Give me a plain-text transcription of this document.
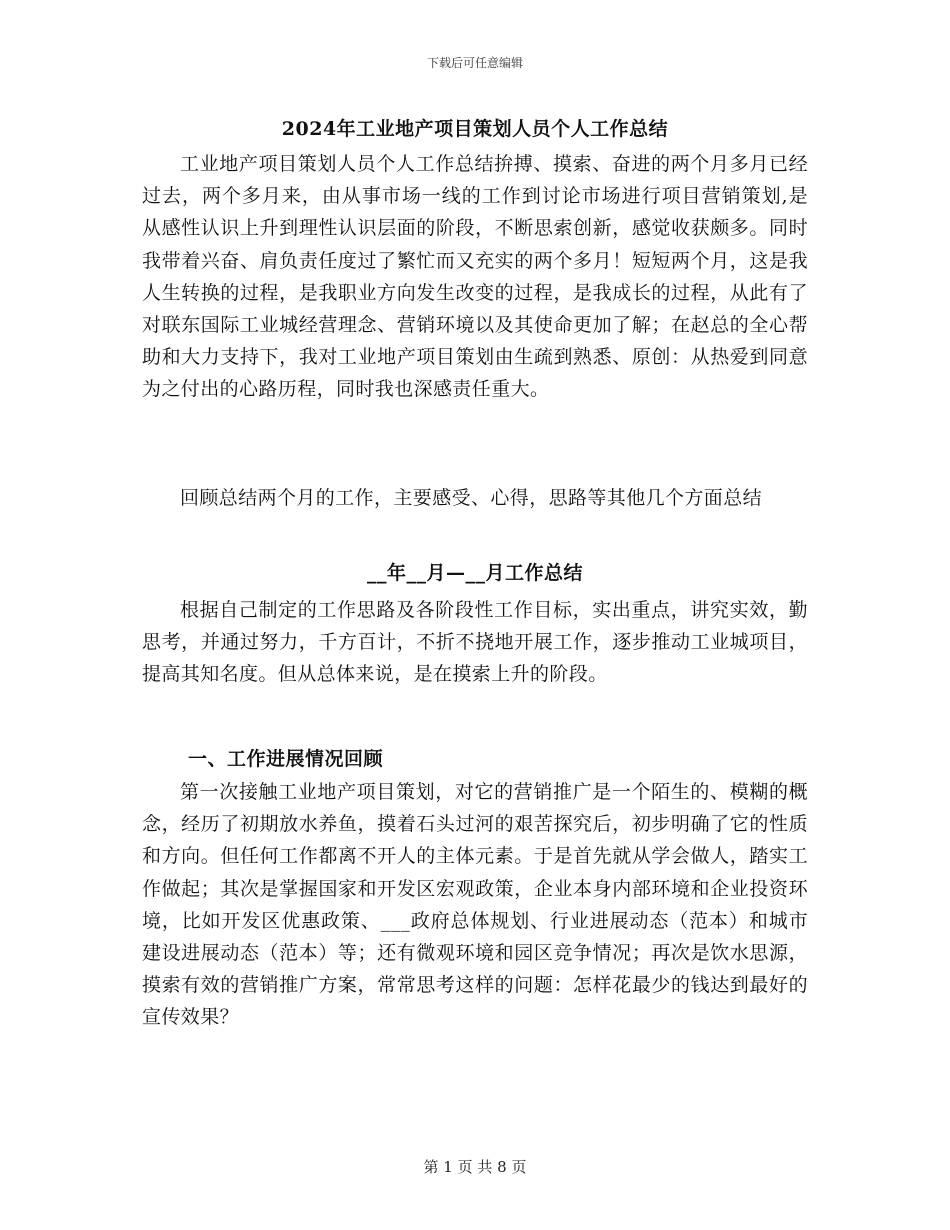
下载后可任意编辑
2024年工业地产项目策划人员个人工作总结
工业地产项目策划人员个人工作总结拚搏、摸索、奋进的两个月多月已经过去，两个多月来，由从事市场一线的工作到讨论市场进行项目营销策划,是从感性认识上升到理性认识层面的阶段，不断思索创新，感觉收获颇多。同时我带着兴奋、肩负责任度过了繁忙而又充实的两个多月！短短两个月，这是我人生转换的过程，是我职业方向发生改变的过程，是我成长的过程，从此有了对联东国际工业城经营理念、营销环境以及其使命更加了解；在赵总的全心帮助和大力支持下，我对工业地产项目策划由生疏到熟悉、原创：从热爱到同意为之付出的心路历程，同时我也深感责任重大。
回顾总结两个月的工作，主要感受、心得，思路等其他几个方面总结
__年__月—__月工作总结
根据自己制定的工作思路及各阶段性工作目标，实出重点，讲究实效，勤思考，并通过努力，千方百计，不折不挠地开展工作，逐步推动工业城项目，提高其知名度。但从总体来说，是在摸索上升的阶段。
一、工作进展情况回顾
第一次接触工业地产项目策划，对它的营销推广是一个陌生的、模糊的概念，经历了初期放水养鱼，摸着石头过河的艰苦探究后，初步明确了它的性质和方向。但任何工作都离不开人的主体元素。于是首先就从学会做人，踏实工作做起；其次是掌握国家和开发区宏观政策，企业本身内部环境和企业投资环境，比如开发区优惠政策、___政府总体规划、行业进展动态（范本）和城市建设进展动态（范本）等；还有微观环境和园区竞争情况；再次是饮水思源，摸索有效的营销推广方案，常常思考这样的问题：怎样花最少的钱达到最好的宣传效果？
第 1 页 共 8 页
